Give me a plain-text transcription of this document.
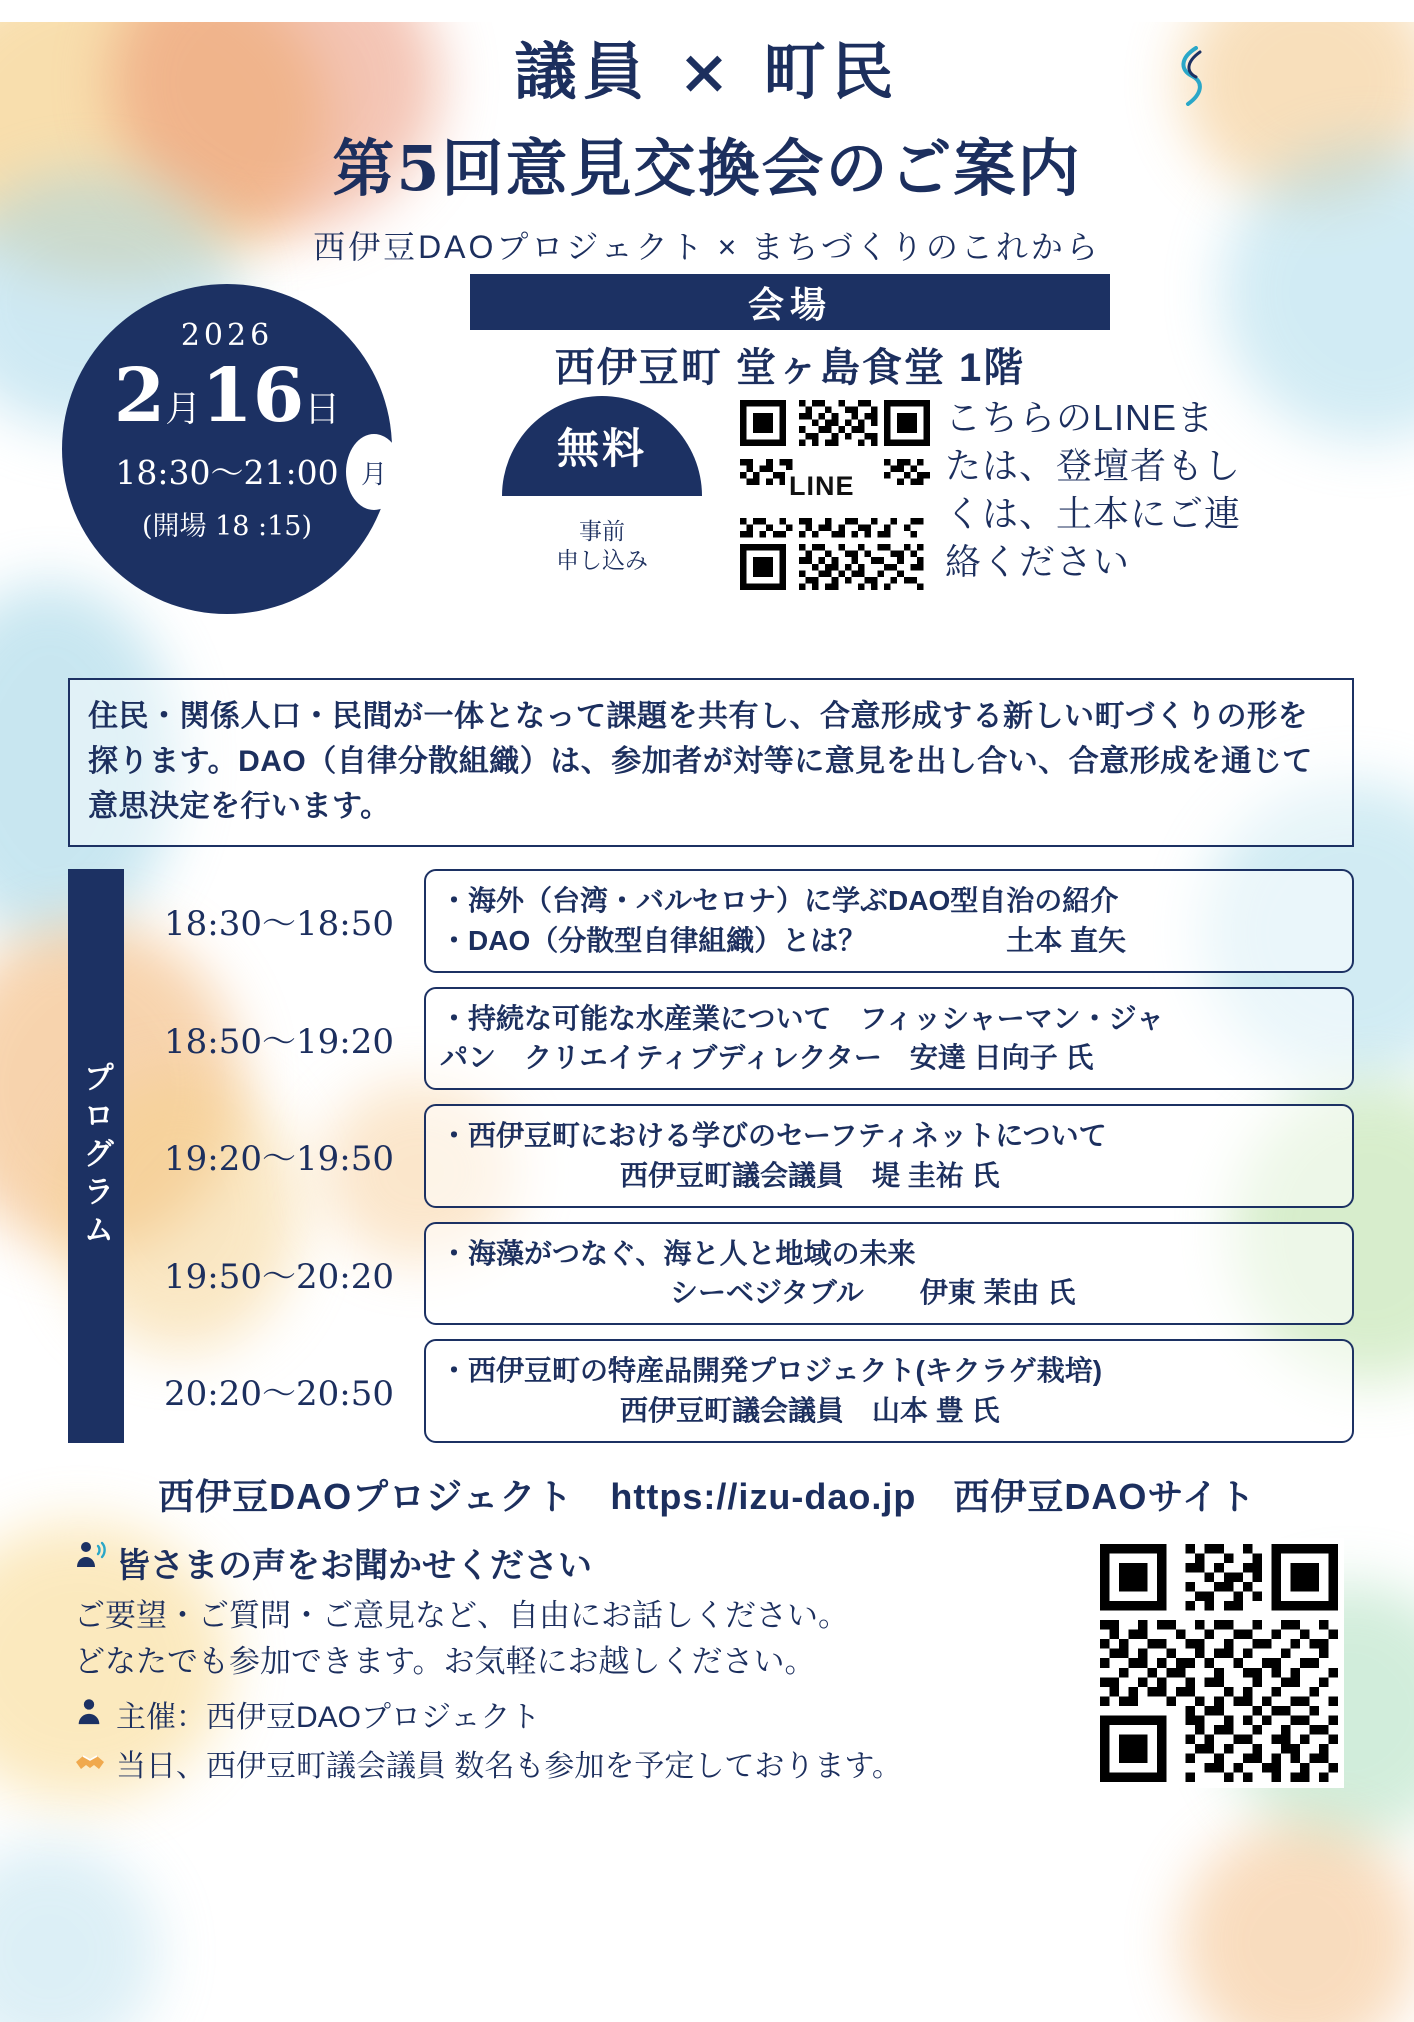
議員 × 町民
第5回意見交換会のご案内
西伊豆DAOプロジェクト × まちづくりのこれから
2026
2月16日
18:30〜21:00
(開場 18 :15)
月
会場
西伊豆町 堂ヶ島食堂 1階
無料
事前
申し込み
LINE
こちらのLINEまたは、登壇者もしくは、土本にご連絡ください
住民・関係人口・民間が一体となって課題を共有し、合意形成する新しい町づくりの形を探ります。DAO（自律分散組織）は、参加者が対等に意見を出し合い、合意形成を通じて意思決定を行います。
プログラム
18:30〜18:50
・海外（台湾・バルセロナ）に学ぶDAO型自治の紹介
・DAO（分散型自律組織）とは？　　　　　土本 直矢
18:50〜19:20
・持続な可能な水産業について　フィッシャーマン・ジャ
パン　クリエイティブディレクター　安達 日向子 氏
19:20〜19:50
・西伊豆町における学びのセーフティネットについて
西伊豆町議会議員　堤 圭祐 氏
19:50〜20:20
・海藻がつなぐ、海と人と地域の未来
シーベジタブル　　伊東 茉由 氏
20:20〜20:50
・西伊豆町の特産品開発プロジェクト(キクラゲ栽培)
西伊豆町議会議員　山本 豊 氏
西伊豆DAOプロジェクト　https://izu-dao.jp　西伊豆DAOサイト
皆さまの声をお聞かせください
ご要望・ご質問・ご意見など、自由にお話しください。
どなたでも参加できます。お気軽にお越しください。
主催：西伊豆DAOプロジェクト
当日、西伊豆町議会議員 数名も参加を予定しております。
